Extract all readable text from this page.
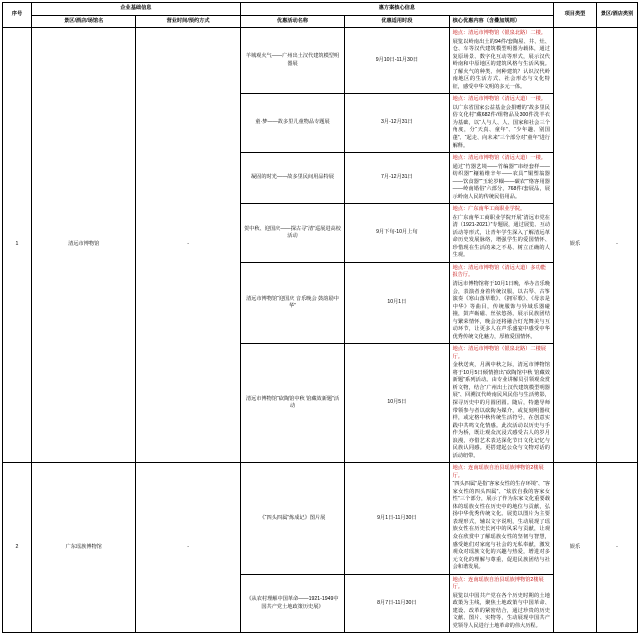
序号	企业基础信息		惠方案核心信息			项目类型	景区/酒店类别
	景区/酒店/场馆名	营业时间/预约方式	优惠活动名称	优惠适用时段	核心优惠内容（含叠加规则）		
1	清远市博物馆	-	羊城观火气——广州出土汉代建筑模型明器展	9月10日-11月30日	地点：清远市博物馆（银泉北路）二楼。

展览以岭南出土的94件/套陶屋、井、灶、仓、车等汉代建筑模型明器为载体，通过复原场景、数字化互动等形式，展示汉代岭南和中原地区的建筑风格与生活风貌。了解火气的种类、何种建筑？认识汉代岭南地区的生活方式、社会形态与文化特征，感受中华文明的多元一体。	娱乐	-
			童·梦——故多里儿童物品专题展	3月-12月31日	地点：清远市博物馆（清远大道）一楼。

以广东省国家公益基金会捐赠的“故多里民俗文化村”藏682件/组物品及300件洗羊衣为基础，以“人与人、人、国家和社会三个角度，分“天真、童年”、“少年趣、别国蓬”、“起走、向未来”三个部分对“童年”进行解释。		

			凝固的时光——故多里民间用品特展	7月-12月31日	地点：清远市博物馆（清远大道）一楼。

通过“竹器艺境——竹编器”“串经套样——纺织器”“穰箱维辛年——农具”“铜塑翁器——饮食器”“玉轮岁帼——碳农”“烙客用器——岭南婚俗”六部分，768件/套展品，展示岭南人民的传统民俗用品。		

			贺中秋、迎国庆——探古寻“清”巡展进高校活动	9月下旬-10月上旬	地点：广东南华工商职业学院。

在广东南华工商职业学院开展“清远市党在清（1921-2021）”专题展，通过展览、互动活动等形式，让青年学生深入了解清远革命历史发展脉络，增强学生的爱国情怀、珍惜现在生活的来之不易、树立正确的人生观。		

			清远市博物馆“迎国庆 音乐晚会 鼓韵励中华”	10月1日	地点：清远市博物馆（清远大道）多功能报告厅。

清远市博物馆将于10月1日晚，举办音乐晚会，表演者身着传统汉服，以古琴、古筝演奏《寒山落草歌》、《拥军歌》、《母亲是中华》等曲目，传统服饰与异域乐器碰撞，鼓声砺磁、丝弦悠扬，展示民族团结与繁荣情怀，晚会还将融合灯光舞美与互动环节，让更多人在声乐盛宴中感受中华优秀传统文化魅力，厚植爱国情怀。		

			清远市博物馆“砍陶馆中秋 馆藏效新题”活动	10月5日	地点：清远市博物馆（银泉北路）二楼展厅。

金秋送爽，月满中秋之际，清远市博物馆将于10月5日倾情推出“砍陶馆中秋 馆藏效新题”系列活动。由专业讲解员引领观众赏析文物，结合“广州出土汉代建筑模型明器展”、回溯汉代岭南民风民俗与生活剪影，探寻历史中的月圆团圆。随后，特邀导师带领参与者以砍陶为媒介，或复刻明器纹样，或定格中秋传统生活符号，在创意实践中共鸣文化情感。此次活动以历史与手作为桥，既让观众沉浸式感受古人的岁月浪漫，亦借艺术表达深化节日文化记忆与民族认同感。更搭建起公众与文物对话的活动纽带。		

2	广东瑶族博物馆	-	《“四头四属”炼成记》图片展	9月1日-11月30日	地点：连南瑶族自治县瑶族博物馆2楼展厅。

“四头四属”是指“客家女性的生存环境”、“客家女性的四头四属”、“炫放自我的客家女性”三个部分，展示了作为东家文化重要载体的瑶族女性在历史中的地位与贡献，弘扬中华优秀传统文化。展览以图片为主要表现形式，辅以文字说明，生动展现了瑶族女性在历史长河中的风采与贡献，让观众在欣赏中了解瑶族女性的坚韧与智慧，感受她们对家庭与社会的无私奉献，激发观众对瑶族文化的兴趣与热爱，增进对多元文化的理解与尊重，促进民族团结与社会和谐发展。	娱乐	-
			《从农村理解中国革命——1921-1949中国共产党土地政策历史展》	8月7日-11月30日	地点：连南瑶族自治县瑶族博物馆2楼展厅。

展览以中国共产党在各个历史时期的土地政策为主线，聚焦土地政策与中国革命、建设、改革的紧密结合，通过珍贵的历史文献、图片、实物等，生动展现中国共产党领导人民进行土地革命的伟大历程。		
